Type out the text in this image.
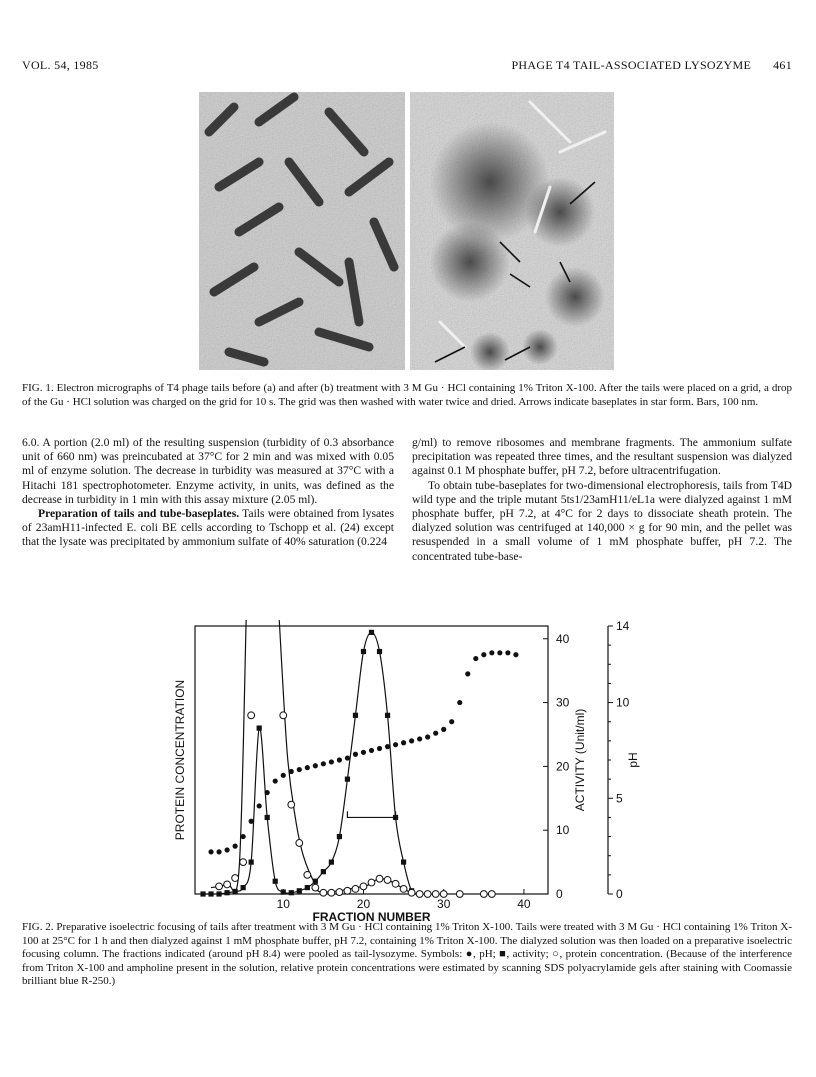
VOL. 54, 1985	PHAGE T4 TAIL-ASSOCIATED LYSOZYME 461
FIG. 1. Electron micrographs of T4 phage tails before (a) and after (b) treatment with 3 M Gu · HCl containing 1% Triton X-100. After the tails were placed on a grid, a drop of the Gu · HCl solution was charged on the grid for 10 s. The grid was then washed with water twice and dried. Arrows indicate baseplates in star form. Bars, 100 nm.

6.0. A portion (2.0 ml) of the resulting suspension (turbidity of 0.3 absorbance unit of 660 nm) was preincubated at 37°C for 2 min and was mixed with 0.05 ml of enzyme solution. The decrease in turbidity was measured at 37°C with a Hitachi 181 spectrophotometer. Enzyme activity, in units, was defined as the decrease in turbidity in 1 min with this assay mixture (2.05 ml).

Preparation of tails and tube-baseplates. Tails were obtained from lysates of 23amH11-infected E. coli BE cells according to Tschopp et al. (24) except that the lysate was precipitated by ammonium sulfate of 40% saturation (0.224

g/ml) to remove ribosomes and membrane fragments. The ammonium sulfate precipitation was repeated three times, and the resultant suspension was dialyzed against 0.1 M phosphate buffer, pH 7.2, before ultracentrifugation.

To obtain tube-baseplates for two-dimensional electrophoresis, tails from T4D wild type and the triple mutant 5ts1/23amH11/eL1a were dialyzed against 1 mM phosphate buffer, pH 7.2, at 4°C for 2 days to dissociate sheath protein. The dialyzed solution was centrifuged at 140,000 × g for 90 min, and the pellet was resuspended in a small volume of 1 mM phosphate buffer, pH 7.2. The concentrated tube-base-

10	20	30	40
0
10
20
30
40
0
5
10
14
FRACTION NUMBER
PROTEIN CONCENTRATION	ACTIVITY (Unit/ml)	pH
FIG. 2. Preparative isoelectric focusing of tails after treatment with 3 M Gu · HCl containing 1% Triton X-100. Tails were treated with 3 M Gu · HCl containing 1% Triton X-100 at 25°C for 1 h and then dialyzed against 1 mM phosphate buffer, pH 7.2, containing 1% Triton X-100. The dialyzed solution was then loaded on a preparative isoelectric focusing column. The fractions indicated (around pH 8.4) were pooled as tail-lysozyme. Symbols: ●, pH; ■, activity; ○, protein concentration. (Because of the interference from Triton X-100 and ampholine present in the solution, relative protein concentrations were estimated by scanning SDS polyacrylamide gels after staining with Coomassie brilliant blue R-250.)
